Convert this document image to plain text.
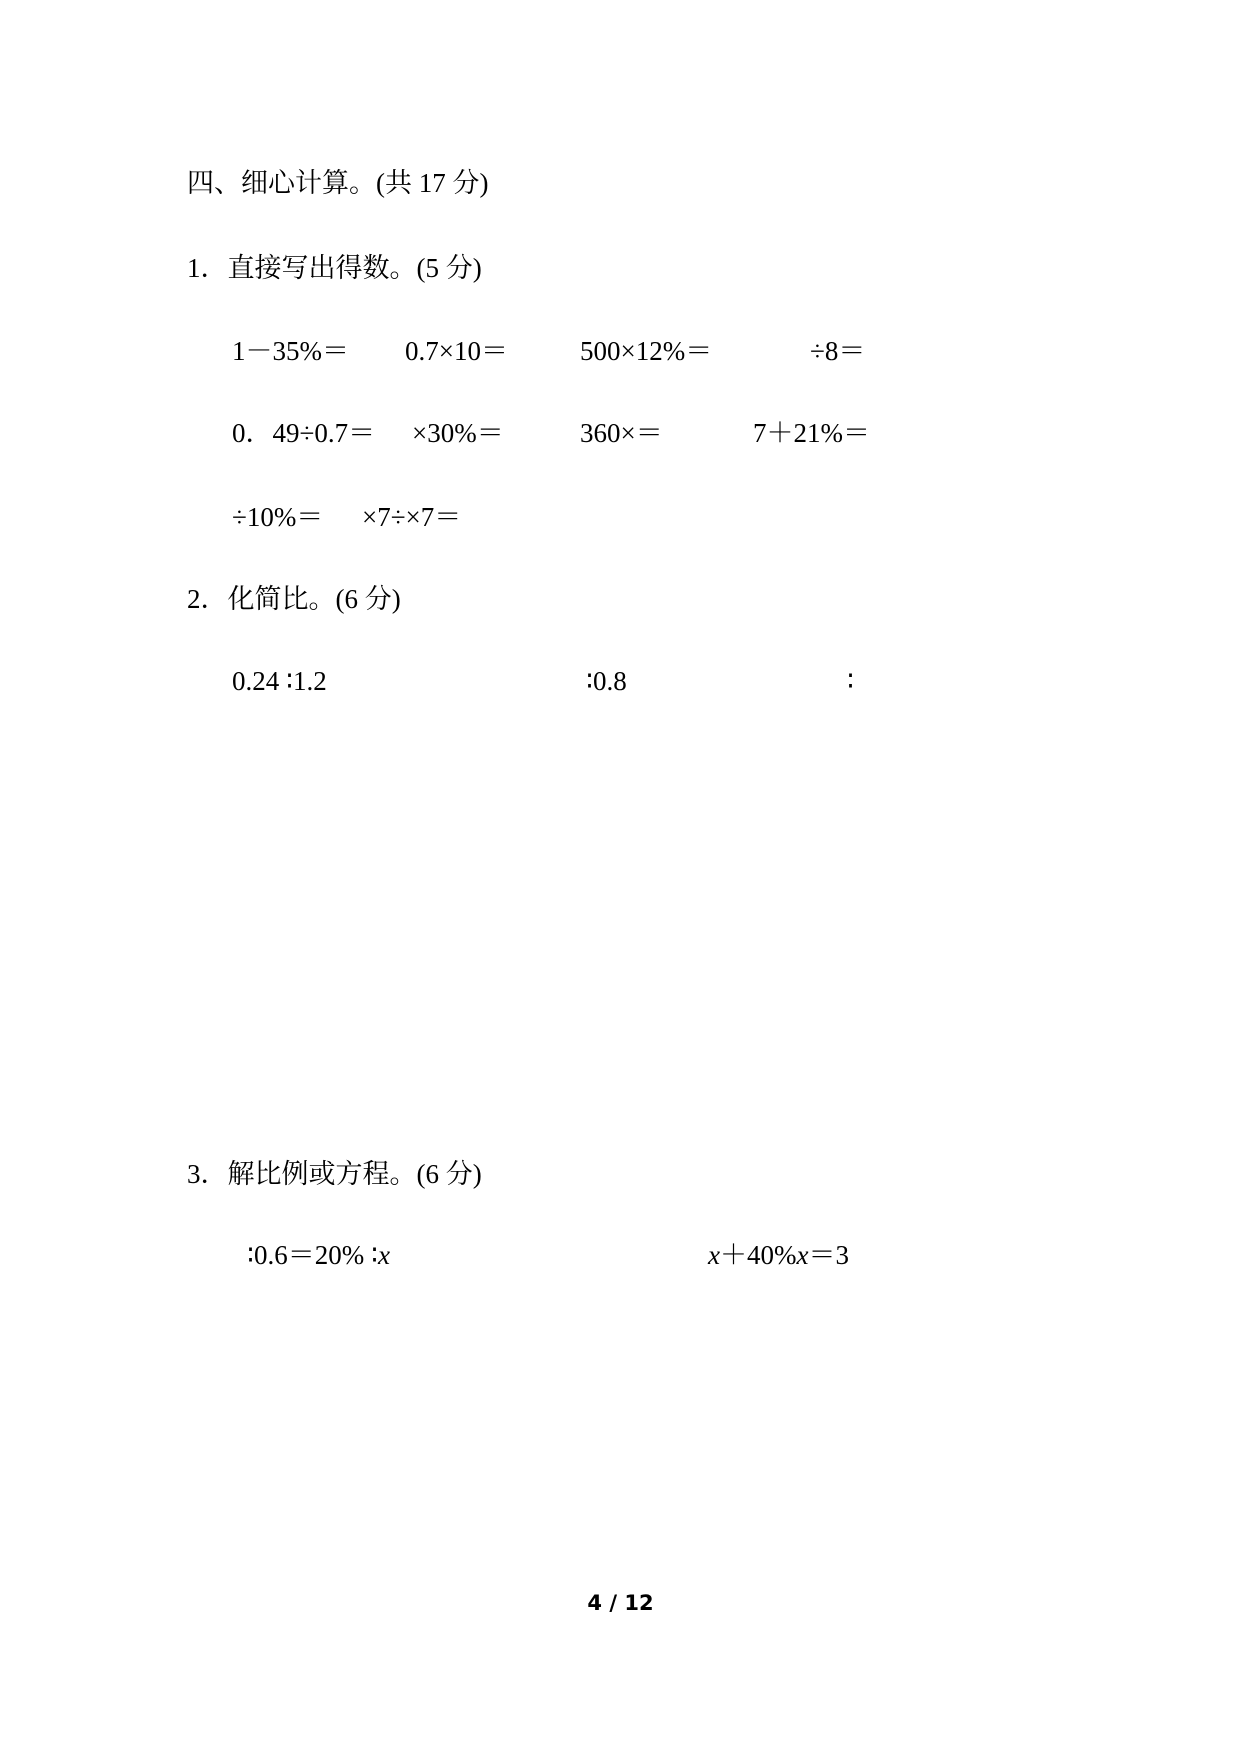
四、细心计算。(共 17 分)
1．直接写出得数。(5 分)
1－35%＝ 0.7×10＝	500×12%＝	÷8＝
0．49÷0.7＝ ×30%＝	360×＝	7＋21%＝
÷10%＝ ×7÷×7＝
2．化简比。(6 分)
0.24 ∶1.2	∶0.8	∶
3．解比例或方程。(6 分)
∶0.6＝20% ∶x	x＋40%x＝3
4 / 12
